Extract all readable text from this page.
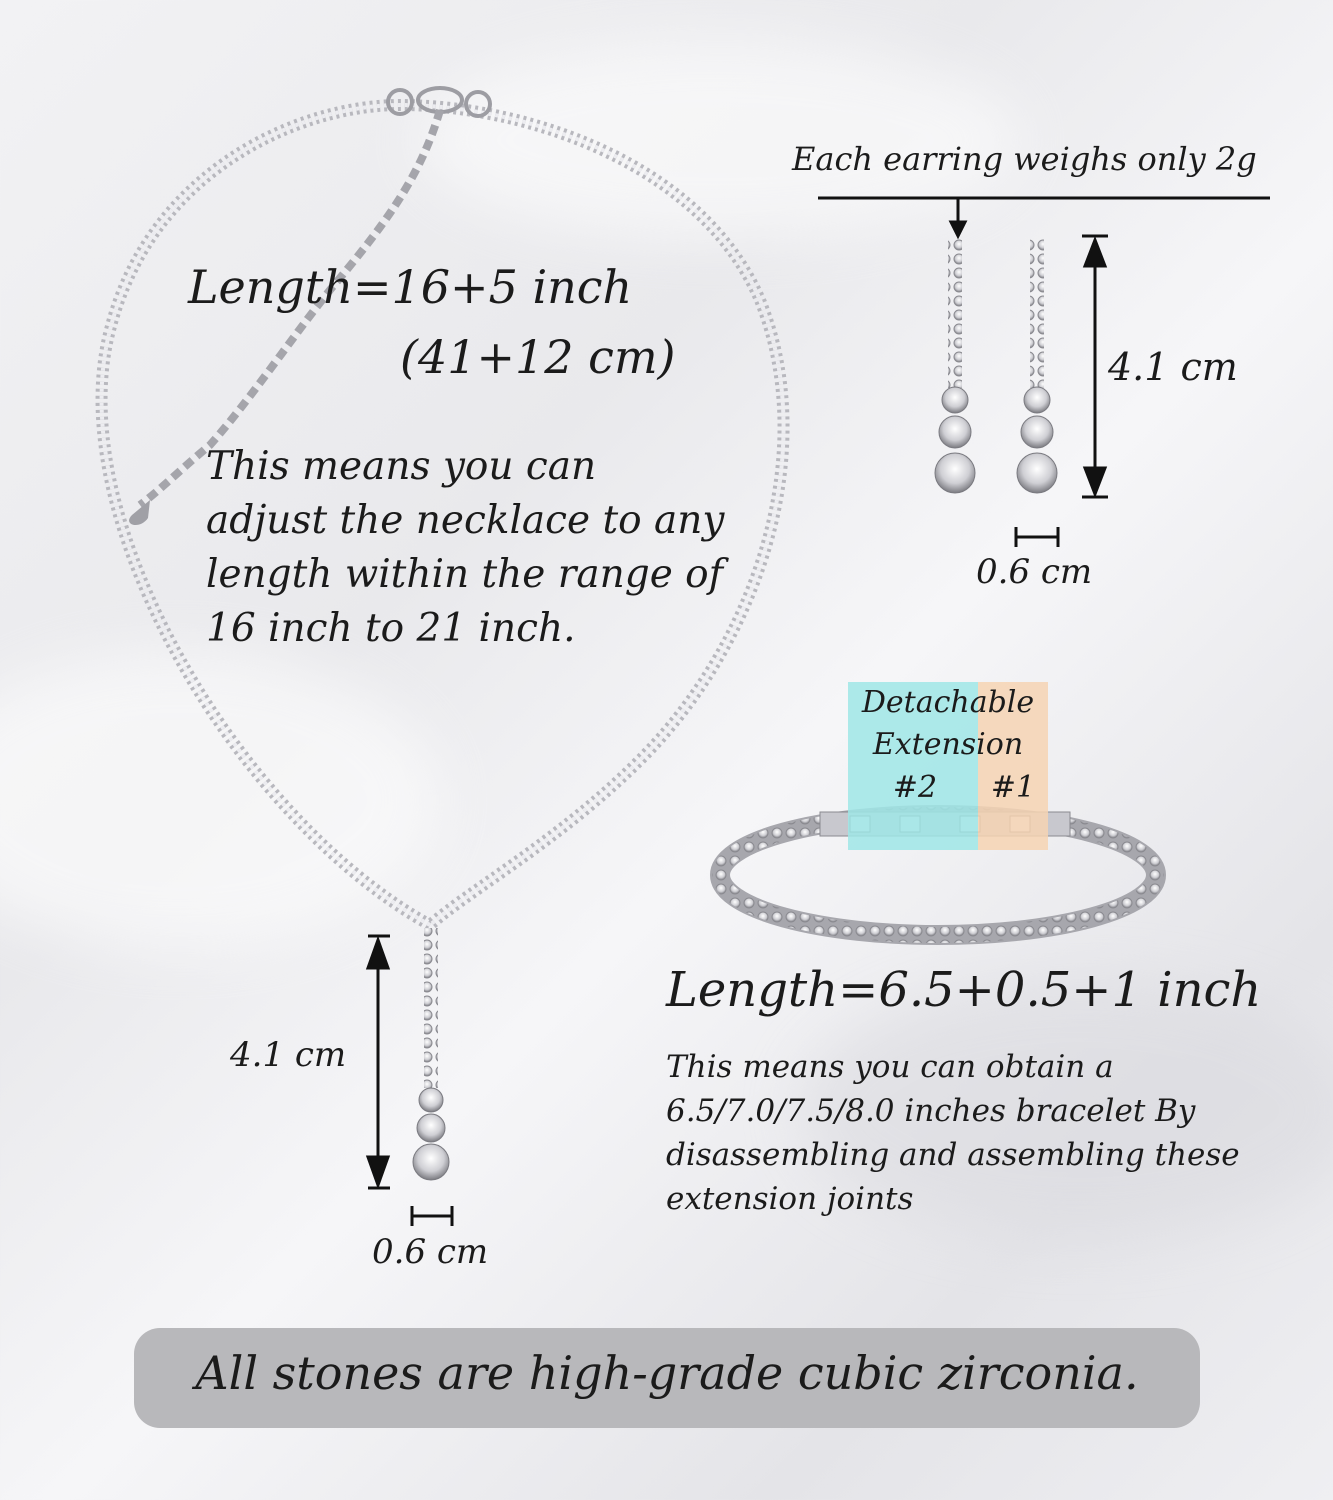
Length=16+5 inch
(41+12 cm)
This means you can adjust the necklace to any length within the range of 16 inch to 21 inch.
4.1 cm
0.6 cm
Each earring weighs only 2g
4.1 cm
0.6 cm
Detachable
Extension
#2	#1
Length=6.5+0.5+1 inch
This means you can obtain a 6.5/7.0/7.5/8.0 inches bracelet By disassembling and assembling these extension joints
All stones are high-grade cubic zirconia.
